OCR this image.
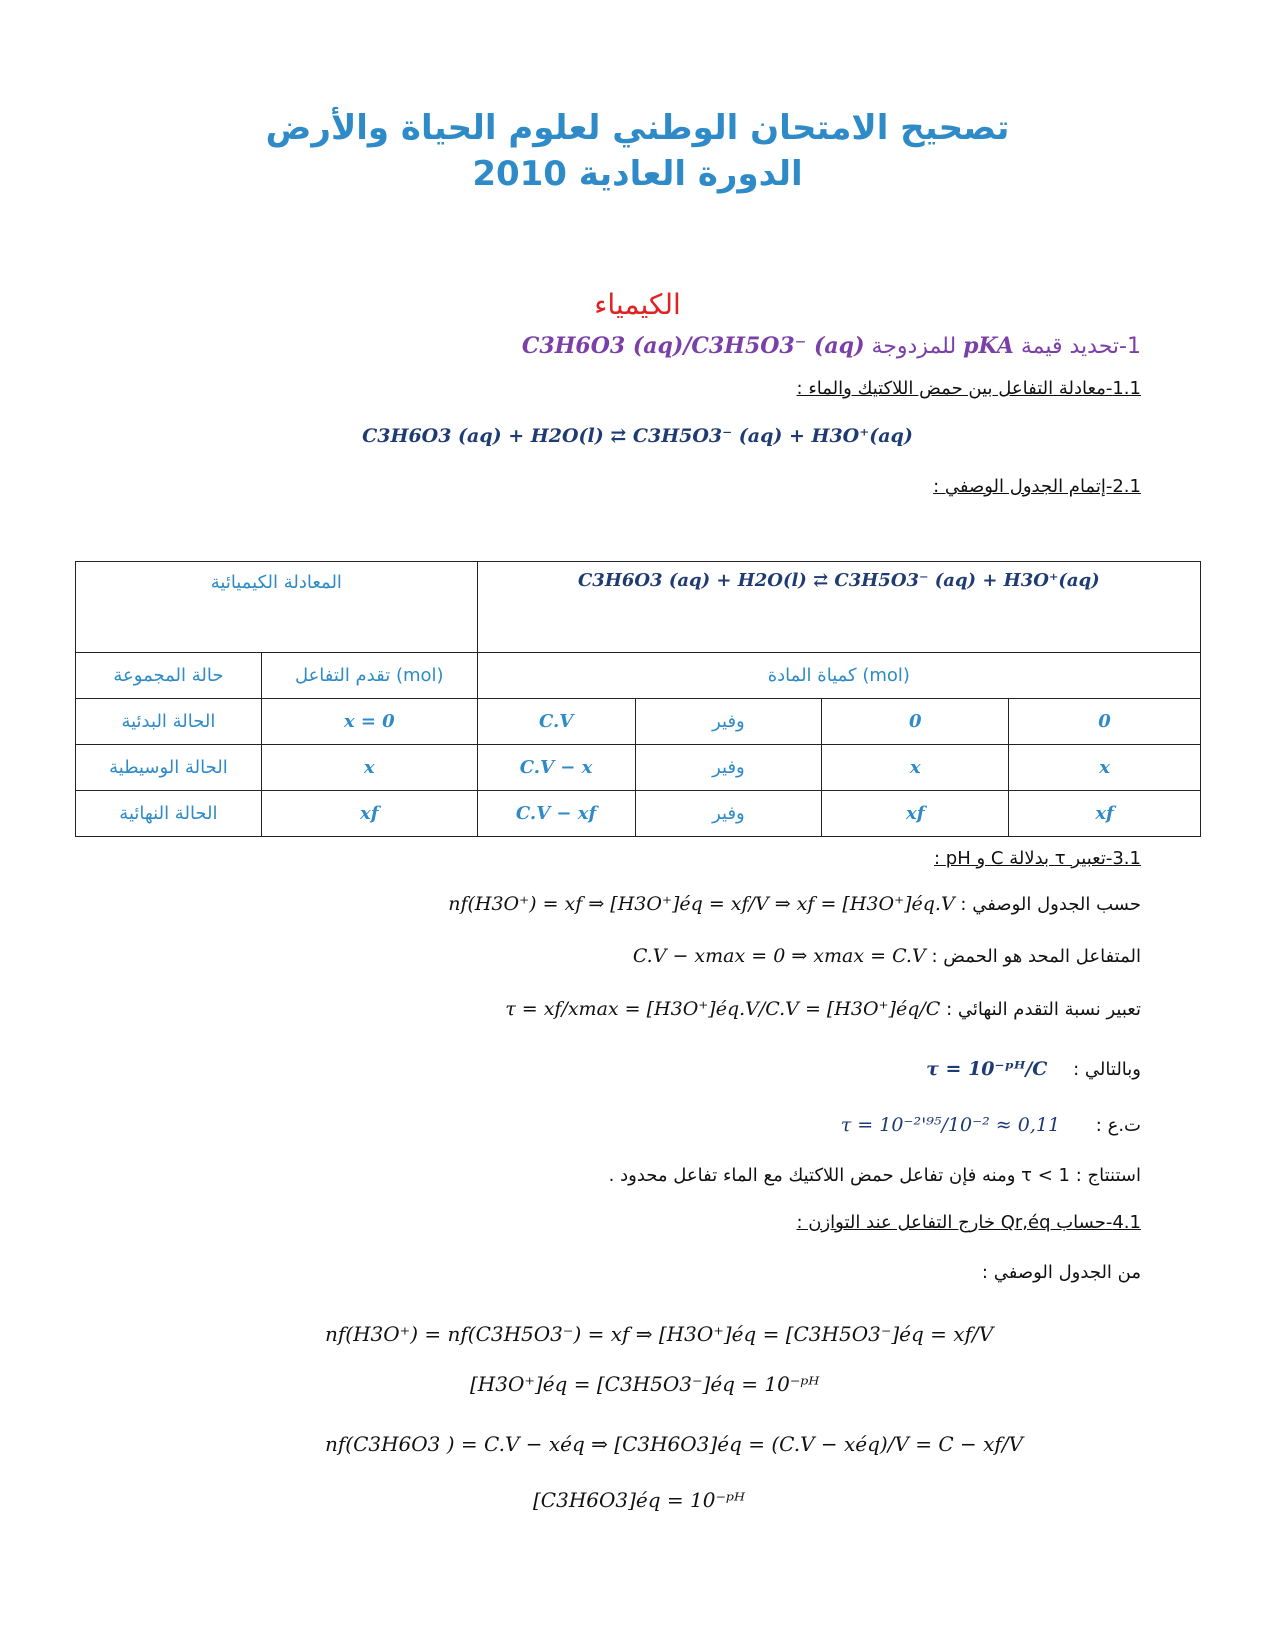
تصحيح الامتحان الوطني لعلوم الحياة والأرض
الدورة العادية 2010
الكيمياء
1-تحديد قيمة pKA للمزدوجة C3H6O3 (aq)/C3H5O3⁻ (aq)
1.1-معادلة التفاعل بين حمض اللاكتيك والماء :
C3H6O3 (aq) + H2O(l) ⇄ C3H5O3⁻ (aq) + H3O⁺(aq)
2.1-إتمام الجدول الوصفي :
المعادلة الكيميائية		C3H6O3 (aq) + H2O(l) ⇄ C3H5O3⁻ (aq) + H3O⁺(aq)			
حالة المجموعة	تقدم التفاعل (mol)	كمياة المادة (mol)			
الحالة البدئية	x = 0	C.V	وفير	0	0
الحالة الوسيطية	x	C.V − x	وفير	x	x
الحالة النهائية	xf	C.V − xf	وفير	xf	xf
3.1-تعبير τ بدلالة C و pH :
حسب الجدول الوصفي : nf(H3O⁺) = xf ⇒ [H3O⁺]éq = xf/V ⇒ xf = [H3O⁺]éq.V
المتفاعل المحد هو الحمض : C.V − xmax = 0 ⇒ xmax = C.V
تعبير نسبة التقدم النهائي : τ = xf/xmax = [H3O⁺]éq.V/C.V = [H3O⁺]éq/C
وبالتالي : τ = 10⁻ᵖᴴ/C
ت.ع : τ = 10⁻²'⁹⁵/10⁻² ≈ 0,11
استنتاج : τ < 1 ومنه فإن تفاعل حمض اللاكتيك مع الماء تفاعل محدود .
4.1-حساب Qr,éq خارج التفاعل عند التوازن :
من الجدول الوصفي :
nf(H3O⁺) = nf(C3H5O3⁻) = xf ⇒ [H3O⁺]éq = [C3H5O3⁻]éq = xf/V
[H3O⁺]éq = [C3H5O3⁻]éq = 10⁻ᵖᴴ
nf(C3H6O3 ) = C.V − xéq ⇒ [C3H6O3]éq = (C.V − xéq)/V = C − xf/V
[C3H6O3]éq = 10⁻ᵖᴴ
